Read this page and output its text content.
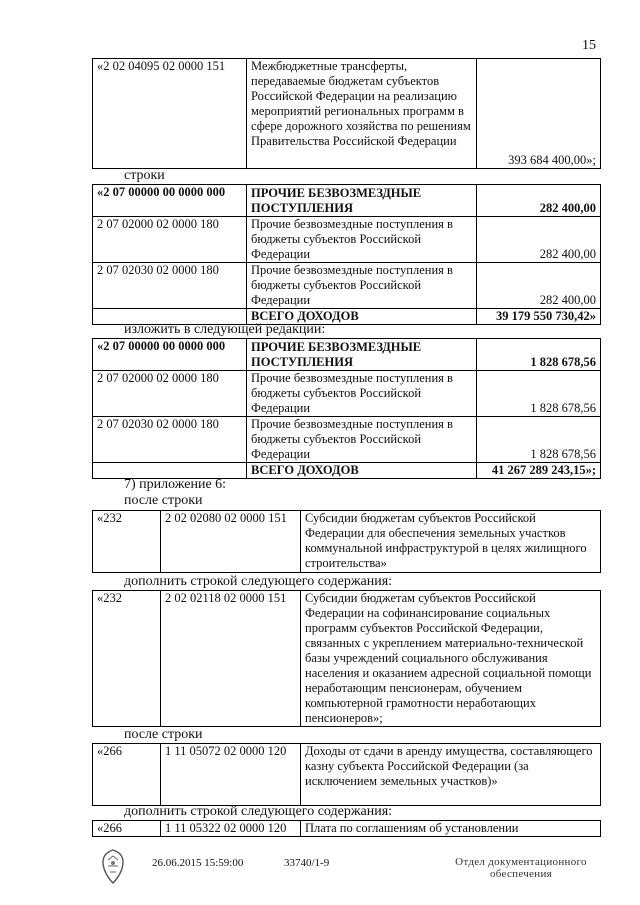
15
«2 02 04095 02 0000 151	Межбюджетные трансферты, передаваемые бюджетам субъектов Российской Федерации на реализацию мероприятий региональных программ в сфере дорожного хозяйства по решениям Правительства Российской Федерации	393 684 400,00»;
строки
«2 07 00000 00 0000 000	ПРОЧИЕ БЕЗВОЗМЕЗДНЫЕ ПОСТУПЛЕНИЯ	282 400,00
2 07 02000 02 0000 180	Прочие безвозмездные поступления в бюджеты субъектов Российской Федерации	282 400,00
2 07 02030 02 0000 180	Прочие безвозмездные поступления в бюджеты субъектов Российской Федерации	282 400,00
	ВСЕГО ДОХОДОВ	39 179 550 730,42»
изложить в следующей редакции:
«2 07 00000 00 0000 000	ПРОЧИЕ БЕЗВОЗМЕЗДНЫЕ ПОСТУПЛЕНИЯ	1 828 678,56
2 07 02000 02 0000 180	Прочие безвозмездные поступления в бюджеты субъектов Российской Федерации	1 828 678,56
2 07 02030 02 0000 180	Прочие безвозмездные поступления в бюджеты субъектов Российской Федерации	1 828 678,56
	ВСЕГО ДОХОДОВ	41 267 289 243,15»;
7) приложение 6:
после строки
«232	2 02 02080 02 0000 151	Субсидии бюджетам субъектов Российской Федерации для обеспечения земельных участков коммунальной инфраструктурой в целях жилищного строительства»
дополнить строкой следующего содержания:
«232	2 02 02118 02 0000 151	Субсидии бюджетам субъектов Российской Федерации на софинансирование социальных программ субъектов Российской Федерации, связанных с укреплением материально-технической базы учреждений социального обслуживания населения и оказанием адресной социальной помощи неработающим пенсионерам, обучением компьютерной грамотности неработающих пенсионеров»;
после строки
«266	1 11 05072 02 0000 120	Доходы от сдачи в аренду имущества, составляющего казну субъекта Российской Федерации (за исключением земельных участков)»
дополнить строкой следующего содержания:
«266	1 11 05322 02 0000 120	Плата по соглашениям об установлении
26.06.2015 15:59:00	33740/1-9	Отдел документационного
обеспечения
